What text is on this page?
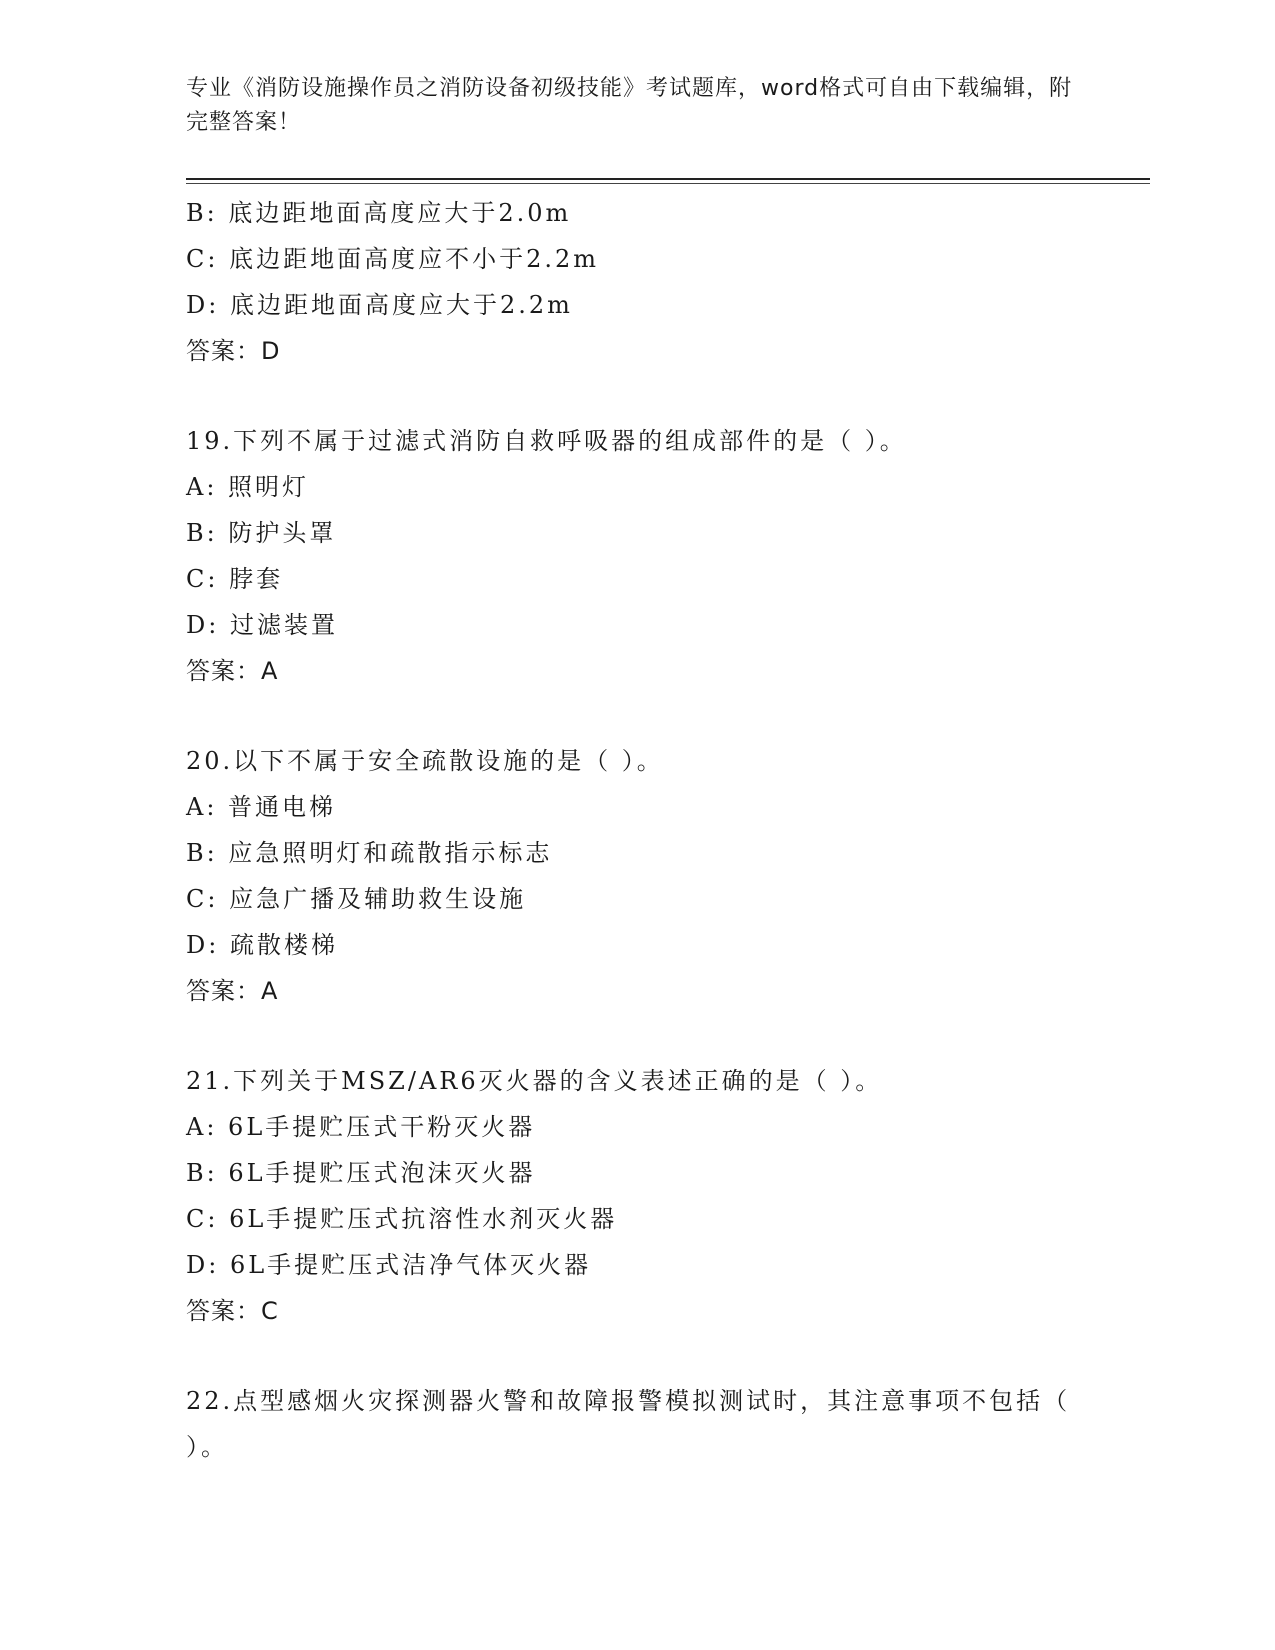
专业《消防设施操作员之消防设备初级技能》考试题库，word格式可自由下载编辑，附完整答案！
B: 底边距地面高度应大于2.0m
C: 底边距地面高度应不小于2.2m
D: 底边距地面高度应大于2.2m
答案：D
19.下列不属于过滤式消防自救呼吸器的组成部件的是（ ）。
A: 照明灯
B: 防护头罩
C: 脖套
D: 过滤装置
答案：A
20.以下不属于安全疏散设施的是（ ）。
A: 普通电梯
B: 应急照明灯和疏散指示标志
C: 应急广播及辅助救生设施
D: 疏散楼梯
答案：A
21.下列关于MSZ/AR6灭火器的含义表述正确的是（ ）。
A: 6L手提贮压式干粉灭火器
B: 6L手提贮压式泡沫灭火器
C: 6L手提贮压式抗溶性水剂灭火器
D: 6L手提贮压式洁净气体灭火器
答案：C
22.点型感烟火灾探测器火警和故障报警模拟测试时，其注意事项不包括（ ）。
